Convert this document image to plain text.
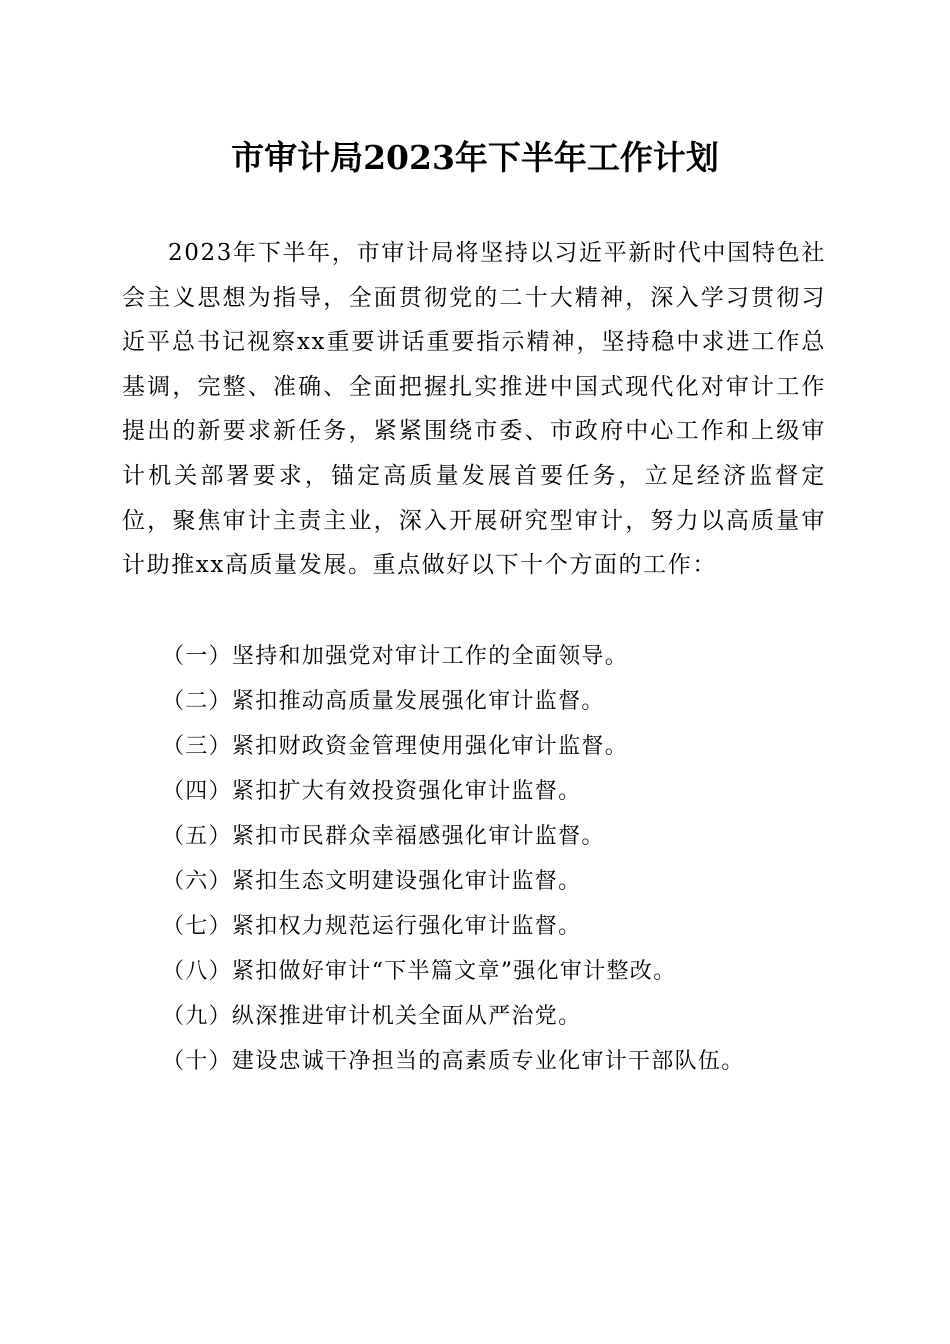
市审计局2023年下半年工作计划

2023年下半年，市审计局将坚持以习近平新时代中国特色社会主义思想为指导，全面贯彻党的二十大精神，深入学习贯彻习近平总书记视察xx重要讲话重要指示精神，坚持稳中求进工作总基调，完整、准确、全面把握扎实推进中国式现代化对审计工作提出的新要求新任务，紧紧围绕市委、市政府中心工作和上级审计机关部署要求，锚定高质量发展首要任务，立足经济监督定位，聚焦审计主责主业，深入开展研究型审计，努力以高质量审计助推xx高质量发展。重点做好以下十个方面的工作：

（一）坚持和加强党对审计工作的全面领导。
（二）紧扣推动高质量发展强化审计监督。
（三）紧扣财政资金管理使用强化审计监督。
（四）紧扣扩大有效投资强化审计监督。
（五）紧扣市民群众幸福感强化审计监督。
（六）紧扣生态文明建设强化审计监督。
（七）紧扣权力规范运行强化审计监督。
（八）紧扣做好审计“下半篇文章”强化审计整改。
（九）纵深推进审计机关全面从严治党。
（十）建设忠诚干净担当的高素质专业化审计干部队伍。
